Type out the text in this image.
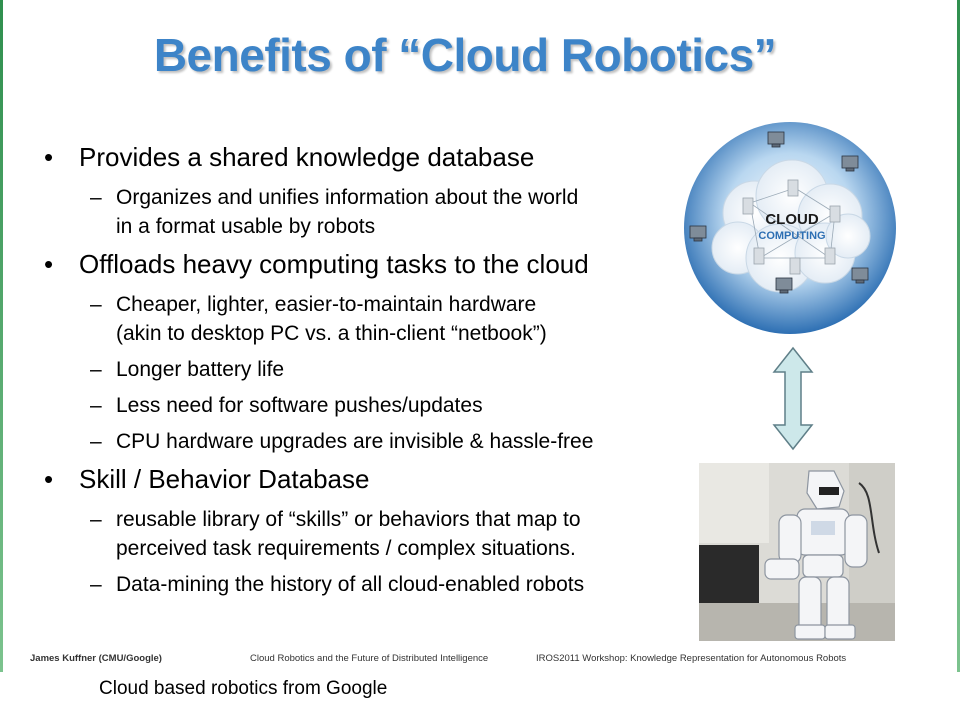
Benefits of “Cloud Robotics”
• Provides a shared knowledge database
– Organizes and unifies information about the world
in a format usable by robots
• Offloads heavy computing tasks to the cloud
– Cheaper, lighter, easier-to-maintain hardware
(akin to desktop PC vs. a thin-client “netbook”)
– Longer battery life
– Less need for software pushes/updates
– CPU hardware upgrades are invisible & hassle-free
• Skill / Behavior Database
– reusable library of “skills” or behaviors that map to
perceived task requirements / complex situations.
– Data-mining the history of all cloud-enabled robots
CLOUD
COMPUTING
James Kuffner (CMU/Google)	Cloud Robotics and the Future of Distributed Intelligence	IROS2011 Workshop: Knowledge Representation for Autonomous Robots
Cloud based robotics from Google
